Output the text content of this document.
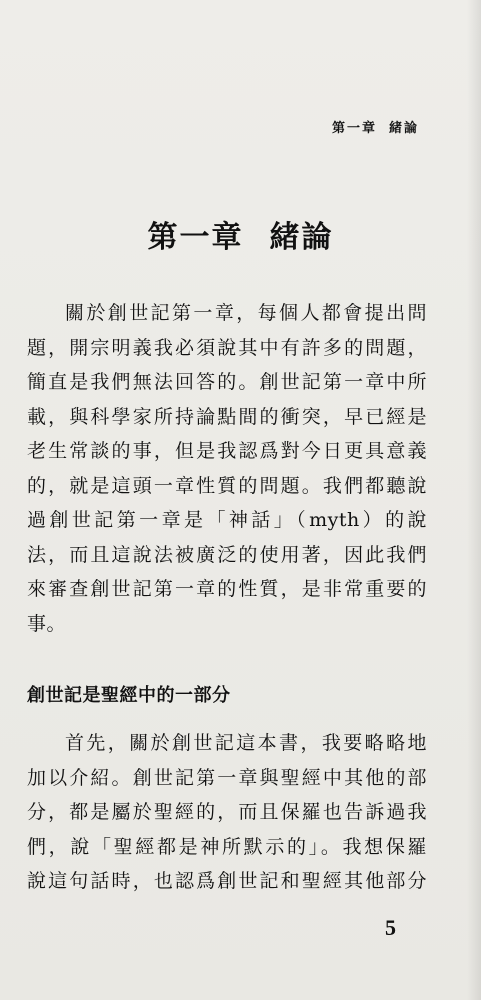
第一章 緒論
第一章 緒論
關於創世記第一章，每個人都會提出問
題，開宗明義我必須說其中有許多的問題，
簡直是我們無法回答的。創世記第一章中所
載，與科學家所持論點間的衝突，早已經是
老生常談的事，但是我認爲對今日更具意義
的，就是這頭一章性質的問題。我們都聽說
過創世記第一章是「神話」（myth）的說
法，而且這說法被廣泛的使用著，因此我們
來審查創世記第一章的性質，是非常重要的
事。
創世記是聖經中的一部分
首先，關於創世記這本書，我要略略地
加以介紹。創世記第一章與聖經中其他的部
分，都是屬於聖經的，而且保羅也告訴過我
們，說「聖經都是神所默示的」。我想保羅
說這句話時，也認爲創世記和聖經其他部分
5
